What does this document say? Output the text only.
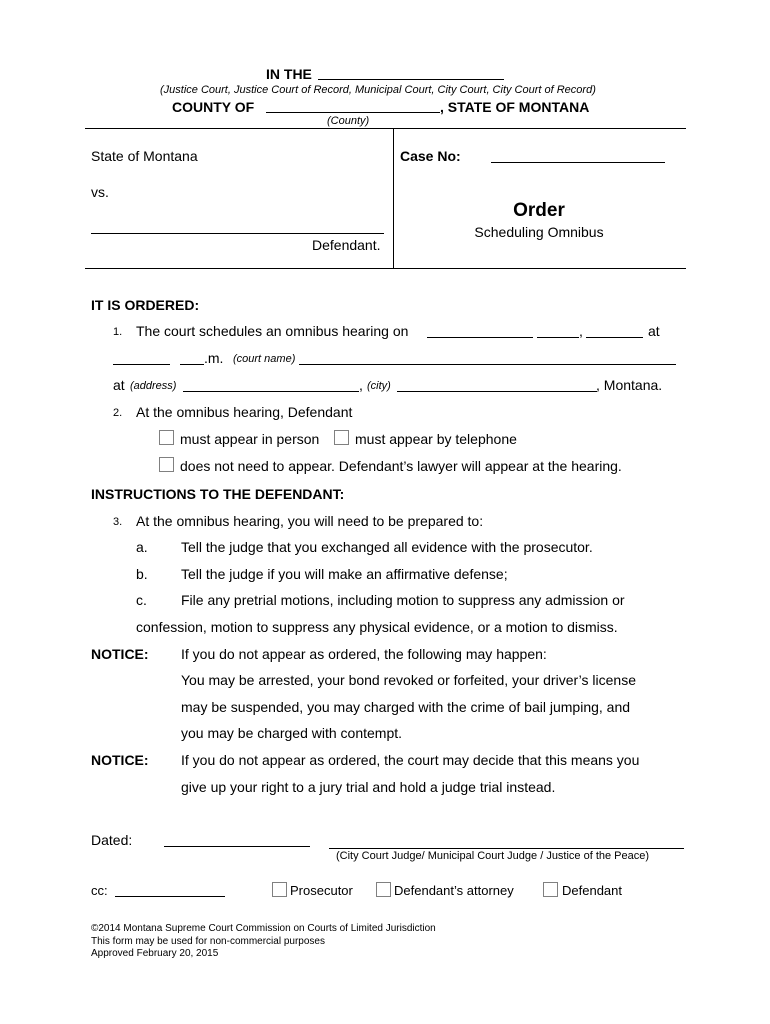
IN THE
(Justice Court, Justice Court of Record, Municipal Court, City Court, City Court of Record)
COUNTY OF	, STATE OF MONTANA
(County)
State of Montana
vs.
Defendant.
Case No:
Order
Scheduling Omnibus
IT IS ORDERED:
1. The court schedules an omnibus hearing on	,	at
.m. (court name)
at (address)	, (city)	, Montana.
2. At the omnibus hearing, Defendant
must appear in person	must appear by telephone
does not need to appear. Defendant’s lawyer will appear at the hearing.
INSTRUCTIONS TO THE DEFENDANT:
3. At the omnibus hearing, you will need to be prepared to:
a. Tell the judge that you exchanged all evidence with the prosecutor.
b. Tell the judge if you will make an affirmative defense;
c. File any pretrial motions, including motion to suppress any admission or
confession, motion to suppress any physical evidence, or a motion to dismiss.
NOTICE: If you do not appear as ordered, the following may happen:
You may be arrested, your bond revoked or forfeited, your driver’s license
may be suspended, you may charged with the crime of bail jumping, and
you may be charged with contempt.
NOTICE: If you do not appear as ordered, the court may decide that this means you
give up your right to a jury trial and hold a judge trial instead.
Dated:
(City Court Judge/ Municipal Court Judge / Justice of the Peace)
cc:	Prosecutor	Defendant’s attorney	Defendant
©2014 Montana Supreme Court Commission on Courts of Limited Jurisdiction
This form may be used for non-commercial purposes
Approved February 20, 2015
